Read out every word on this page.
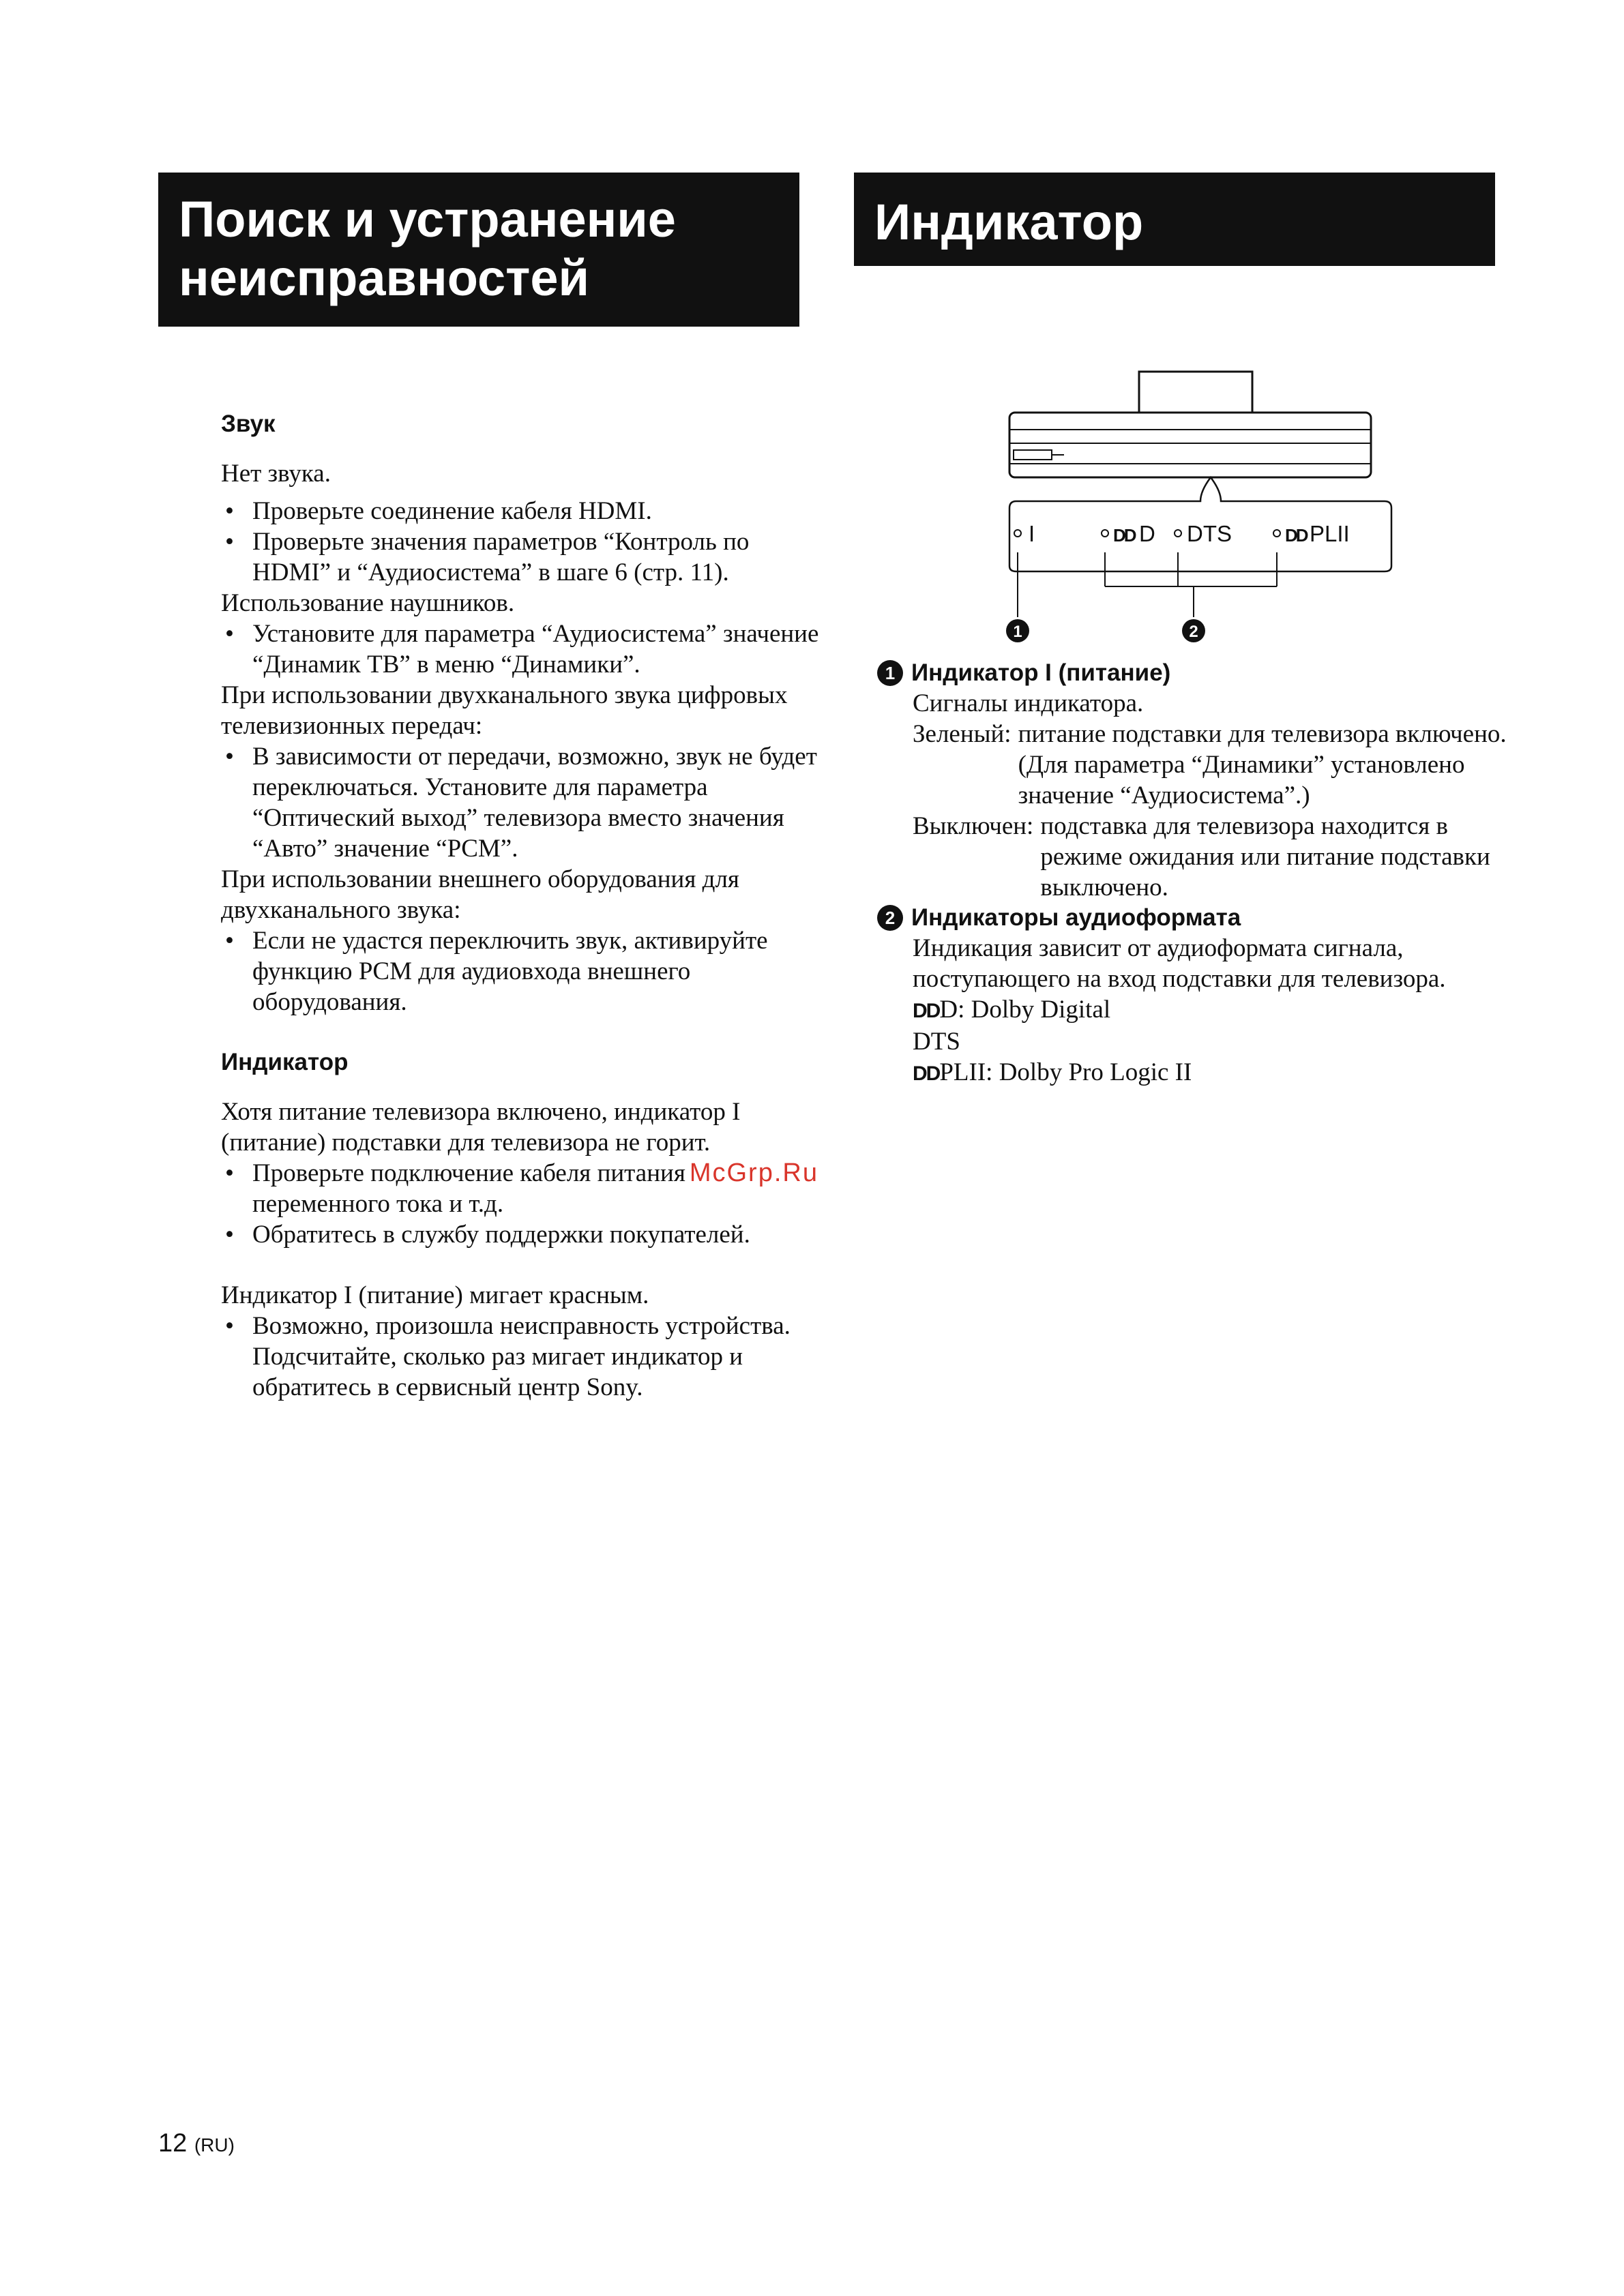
Поиск и устранение
неисправностей
Индикатор

Звук

Нет звука.

• Проверьте соединение кабеля HDMI.
• Проверьте значения параметров “Контроль по HDMI” и “Аудиосистема” в шаге 6 (стр. 11).

Использование наушников.

• Установите для параметра “Аудиосистема” значение “Динамик ТВ” в меню “Динамики”.

При использовании двухканального звука цифровых телевизионных передач:

• В зависимости от передачи, возможно, звук не будет переключаться. Установите для параметра “Оптический выход” телевизора вместо значения “Авто” значение “PCM”.

При использовании внешнего оборудования для двухканального звука:

• Если не удастся переключить звук, активируйте функцию PCM для аудиовхода внешнего оборудования.

Индикатор

Хотя питание телевизора включено, индикатор I (питание) подставки для телевизора не горит.

• Проверьте подключение кабеля питания McGrp.Ru
переменного тока и т.д.
• Обратитесь в службу поддержки покупателей.

Индикатор I (питание) мигает красным.

• Возможно, произошла неисправность устройства. Подсчитайте, сколько раз мигает индикатор и обратитесь в сервисный центр Sony.
I	DD D DTS	DD PLII
1	2
1 Индикатор I (питание)

Сигналы индикатора.

Зеленый: питание подставки для телевизора включено. (Для параметра “Динамики” установлено значение “Аудиосистема”.)
Выключен: подставка для телевизора находится в режиме ожидания или питание подставки выключено.
2 Индикаторы аудиоформата

Индикация зависит от аудиоформата сигнала, поступающего на вход подставки для телевизора.

DDD: Dolby Digital

DTS

DDPLII: Dolby Pro Logic II

12 (RU)
